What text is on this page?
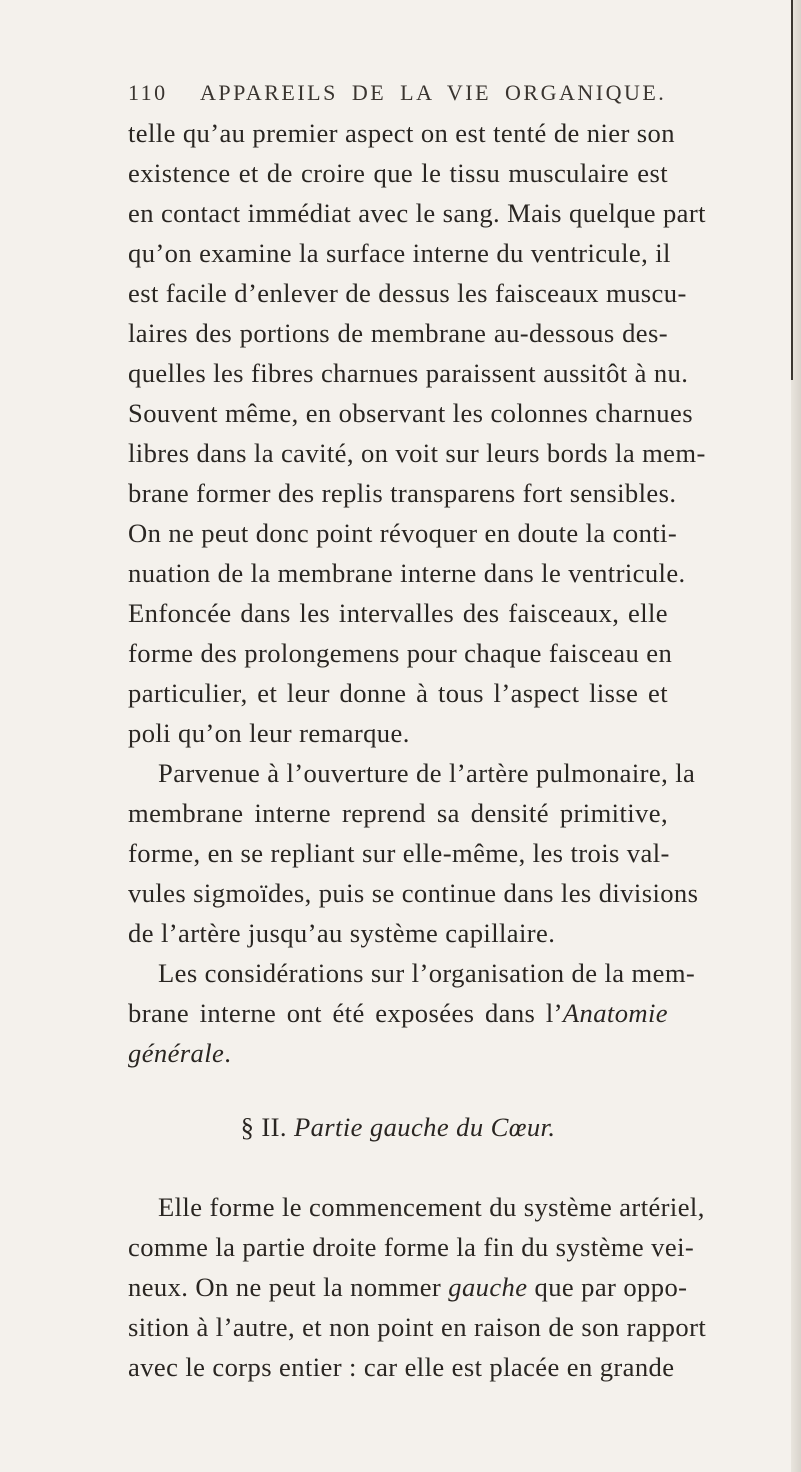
110 APPAREILS DE LA VIE ORGANIQUE.
telle qu’au premier aspect on est tenté de nier son
existence et de croire que le tissu musculaire est
en contact immédiat avec le sang. Mais quelque part
qu’on examine la surface interne du ventricule, il
est facile d’enlever de dessus les faisceaux muscu-
laires des portions de membrane au-dessous des-
quelles les fibres charnues paraissent aussitôt à nu.
Souvent même, en observant les colonnes charnues
libres dans la cavité, on voit sur leurs bords la mem-
brane former des replis transparens fort sensibles.
On ne peut donc point révoquer en doute la conti-
nuation de la membrane interne dans le ventricule.
Enfoncée dans les intervalles des faisceaux, elle
forme des prolongemens pour chaque faisceau en
particulier, et leur donne à tous l’aspect lisse et
poli qu’on leur remarque.
Parvenue à l’ouverture de l’artère pulmonaire, la
membrane interne reprend sa densité primitive,
forme, en se repliant sur elle-même, les trois val-
vules sigmoïdes, puis se continue dans les divisions
de l’artère jusqu’au système capillaire.
Les considérations sur l’organisation de la mem-
brane interne ont été exposées dans l’Anatomie
générale.
§ II. Partie gauche du Cœur.
Elle forme le commencement du système artériel,
comme la partie droite forme la fin du système vei-
neux. On ne peut la nommer gauche que par oppo-
sition à l’autre, et non point en raison de son rapport
avec le corps entier : car elle est placée en grande
